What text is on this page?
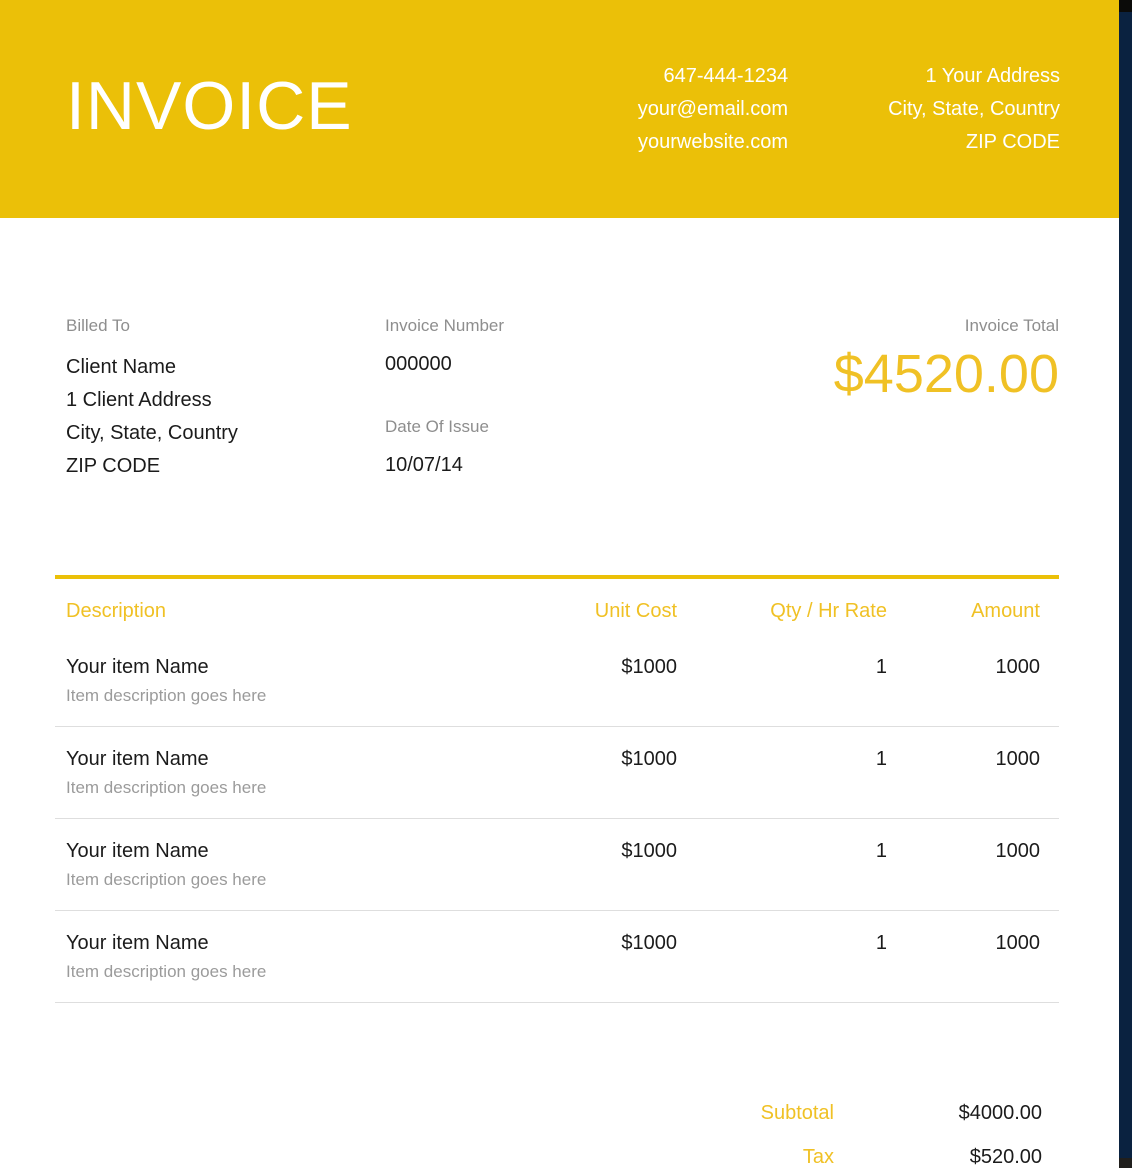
INVOICE	647-444-1234
your@email.com
yourwebsite.com
1 Your Address
City, State, Country
ZIP CODE
Billed To
Client Name
1 Client Address
City, State, Country
ZIP CODE
Invoice Number
000000
Date Of Issue
10/07/14
Invoice Total
$4520.00
Description	Unit Cost	Qty / Hr Rate	Amount
Your item Name
Item description goes here
$1000	1	1000
Your item Name
Item description goes here
$1000	1	1000
Your item Name
Item description goes here
$1000	1	1000
Your item Name
Item description goes here
$1000	1	1000
Subtotal	$4000.00
Tax	$520.00
